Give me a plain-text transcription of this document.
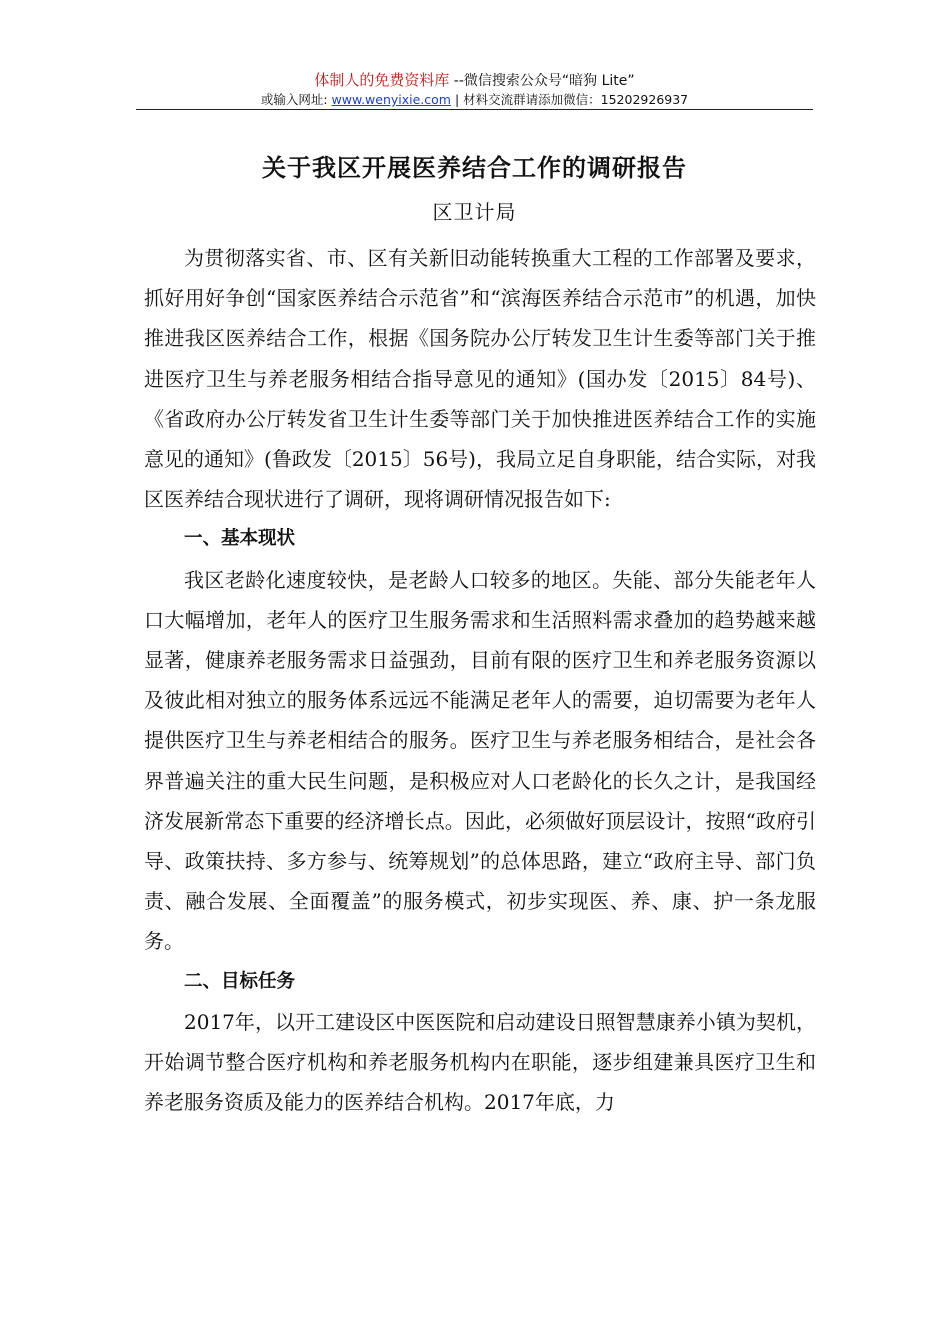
体制人的免费资料库 --微信搜索公众号“暗狗 Lite”
或输入网址: www.wenyixie.com | 材料交流群请添加微信：15202926937
关于我区开展医养结合工作的调研报告
区卫计局

为贯彻落实省、市、区有关新旧动能转换重大工程的工作部署及要求，抓好用好争创“国家医养结合示范省”和“滨海医养结合示范市”的机遇，加快推进我区医养结合工作，根据《国务院办公厅转发卫生计生委等部门关于推进医疗卫生与养老服务相结合指导意见的通知》(国办发〔2015〕84号)、《省政府办公厅转发省卫生计生委等部门关于加快推进医养结合工作的实施意见的通知》(鲁政发〔2015〕56号)，我局立足自身职能，结合实际，对我区医养结合现状进行了调研，现将调研情况报告如下:

一、基本现状

我区老龄化速度较快，是老龄人口较多的地区。失能、部分失能老年人口大幅增加，老年人的医疗卫生服务需求和生活照料需求叠加的趋势越来越显著，健康养老服务需求日益强劲，目前有限的医疗卫生和养老服务资源以及彼此相对独立的服务体系远远不能满足老年人的需要，迫切需要为老年人提供医疗卫生与养老相结合的服务。医疗卫生与养老服务相结合，是社会各界普遍关注的重大民生问题，是积极应对人口老龄化的长久之计，是我国经济发展新常态下重要的经济增长点。因此，必须做好顶层设计，按照“政府引导、政策扶持、多方参与、统筹规划”的总体思路，建立“政府主导、部门负责、融合发展、全面覆盖”的服务模式，初步实现医、养、康、护一条龙服务。

二、目标任务

2017年，以开工建设区中医医院和启动建设日照智慧康养小镇为契机，开始调节整合医疗机构和养老服务机构内在职能，逐步组建兼具医疗卫生和养老服务资质及能力的医养结合机构。2017年底，力
